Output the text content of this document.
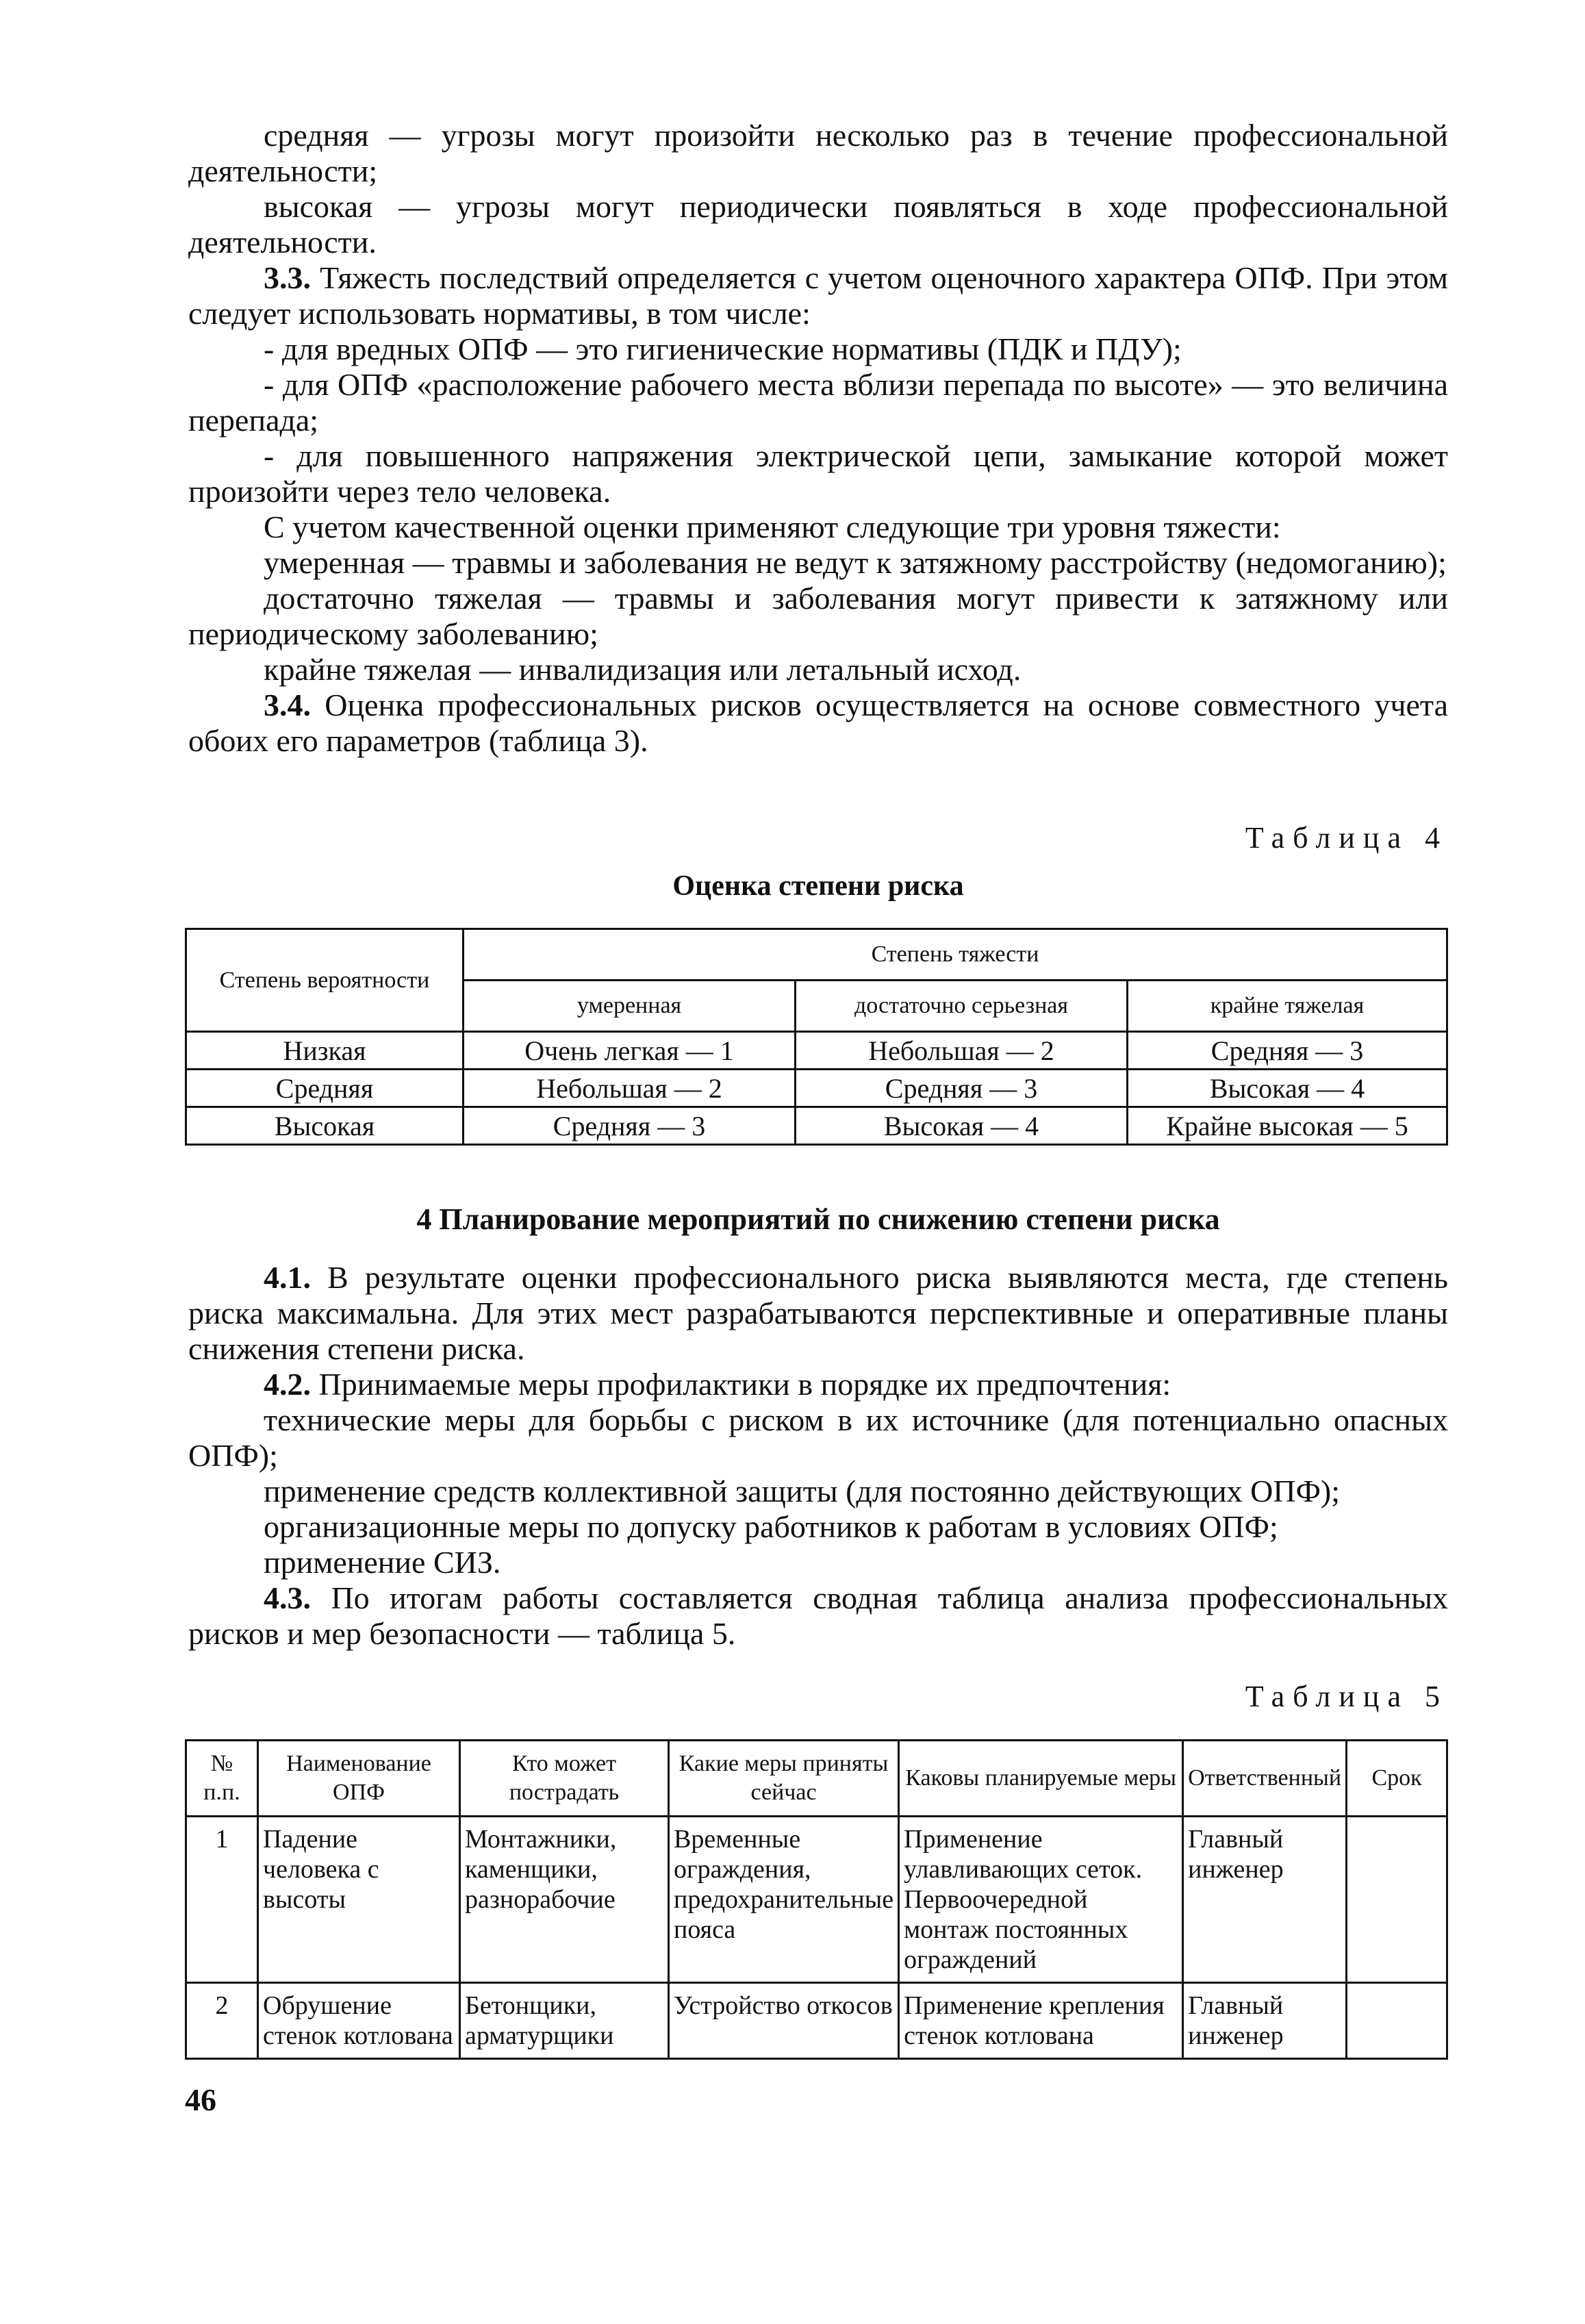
средняя — угрозы могут произойти несколько раз в течение профессиональной деятельности;

высокая — угрозы могут периодически появляться в ходе профессиональной деятельности.

3.3. Тяжесть последствий определяется с учетом оценочного характера ОПФ. При этом следует использовать нормативы, в том числе:

- для вредных ОПФ — это гигиенические нормативы (ПДК и ПДУ);

- для ОПФ «расположение рабочего места вблизи перепада по высоте» — это величина перепада;

- для повышенного напряжения электрической цепи, замыкание которой может произойти через тело человека.

С учетом качественной оценки применяют следующие три уровня тяжести:

умеренная — травмы и заболевания не ведут к затяжному расстройству (недомоганию);

достаточно тяжелая — травмы и заболевания могут привести к затяжному или периодическому заболеванию;

крайне тяжелая — инвалидизация или летальный исход.

3.4. Оценка профессиональных рисков осуществляется на основе совместного учета обоих его параметров (таблица 3).

Таблица 4
Оценка степени риска
Степень вероятности	Степень тяжести		
	умеренная	достаточно серьезная	крайне тяжелая
Низкая	Очень легкая — 1	Небольшая — 2	Средняя — 3
Средняя	Небольшая — 2	Средняя — 3	Высокая — 4
Высокая	Средняя — 3	Высокая — 4	Крайне высокая — 5
4 Планирование мероприятий по снижению степени риска

4.1. В результате оценки профессионального риска выявляются места, где степень риска максимальна. Для этих мест разрабатываются перспективные и оперативные планы снижения степени риска.

4.2. Принимаемые меры профилактики в порядке их предпочтения:

технические меры для борьбы с риском в их источнике (для потенциально опасных ОПФ);

применение средств коллективной защиты (для постоянно действующих ОПФ);

организационные меры по допуску работников к работам в условиях ОПФ;

применение СИЗ.

4.3. По итогам работы составляется сводная таблица анализа профессиональных рисков и мер безопасности — таблица 5.

Таблица 5
№ п.п.	Наименование ОПФ	Кто может пострадать	Какие меры приняты сейчас	Каковы планируемые меры	Ответственный	Срок
1	Падение человека с высоты	Монтажники, каменщики, разнорабочие	Временные ограждения, предохранительные пояса	Применение улавливающих сеток. Первоочередной монтаж постоянных ограждений	Главный инженер	
2	Обрушение стенок котлована	Бетонщики, арматурщики	Устройство откосов	Применение крепления стенок котлована	Главный инженер	
46
